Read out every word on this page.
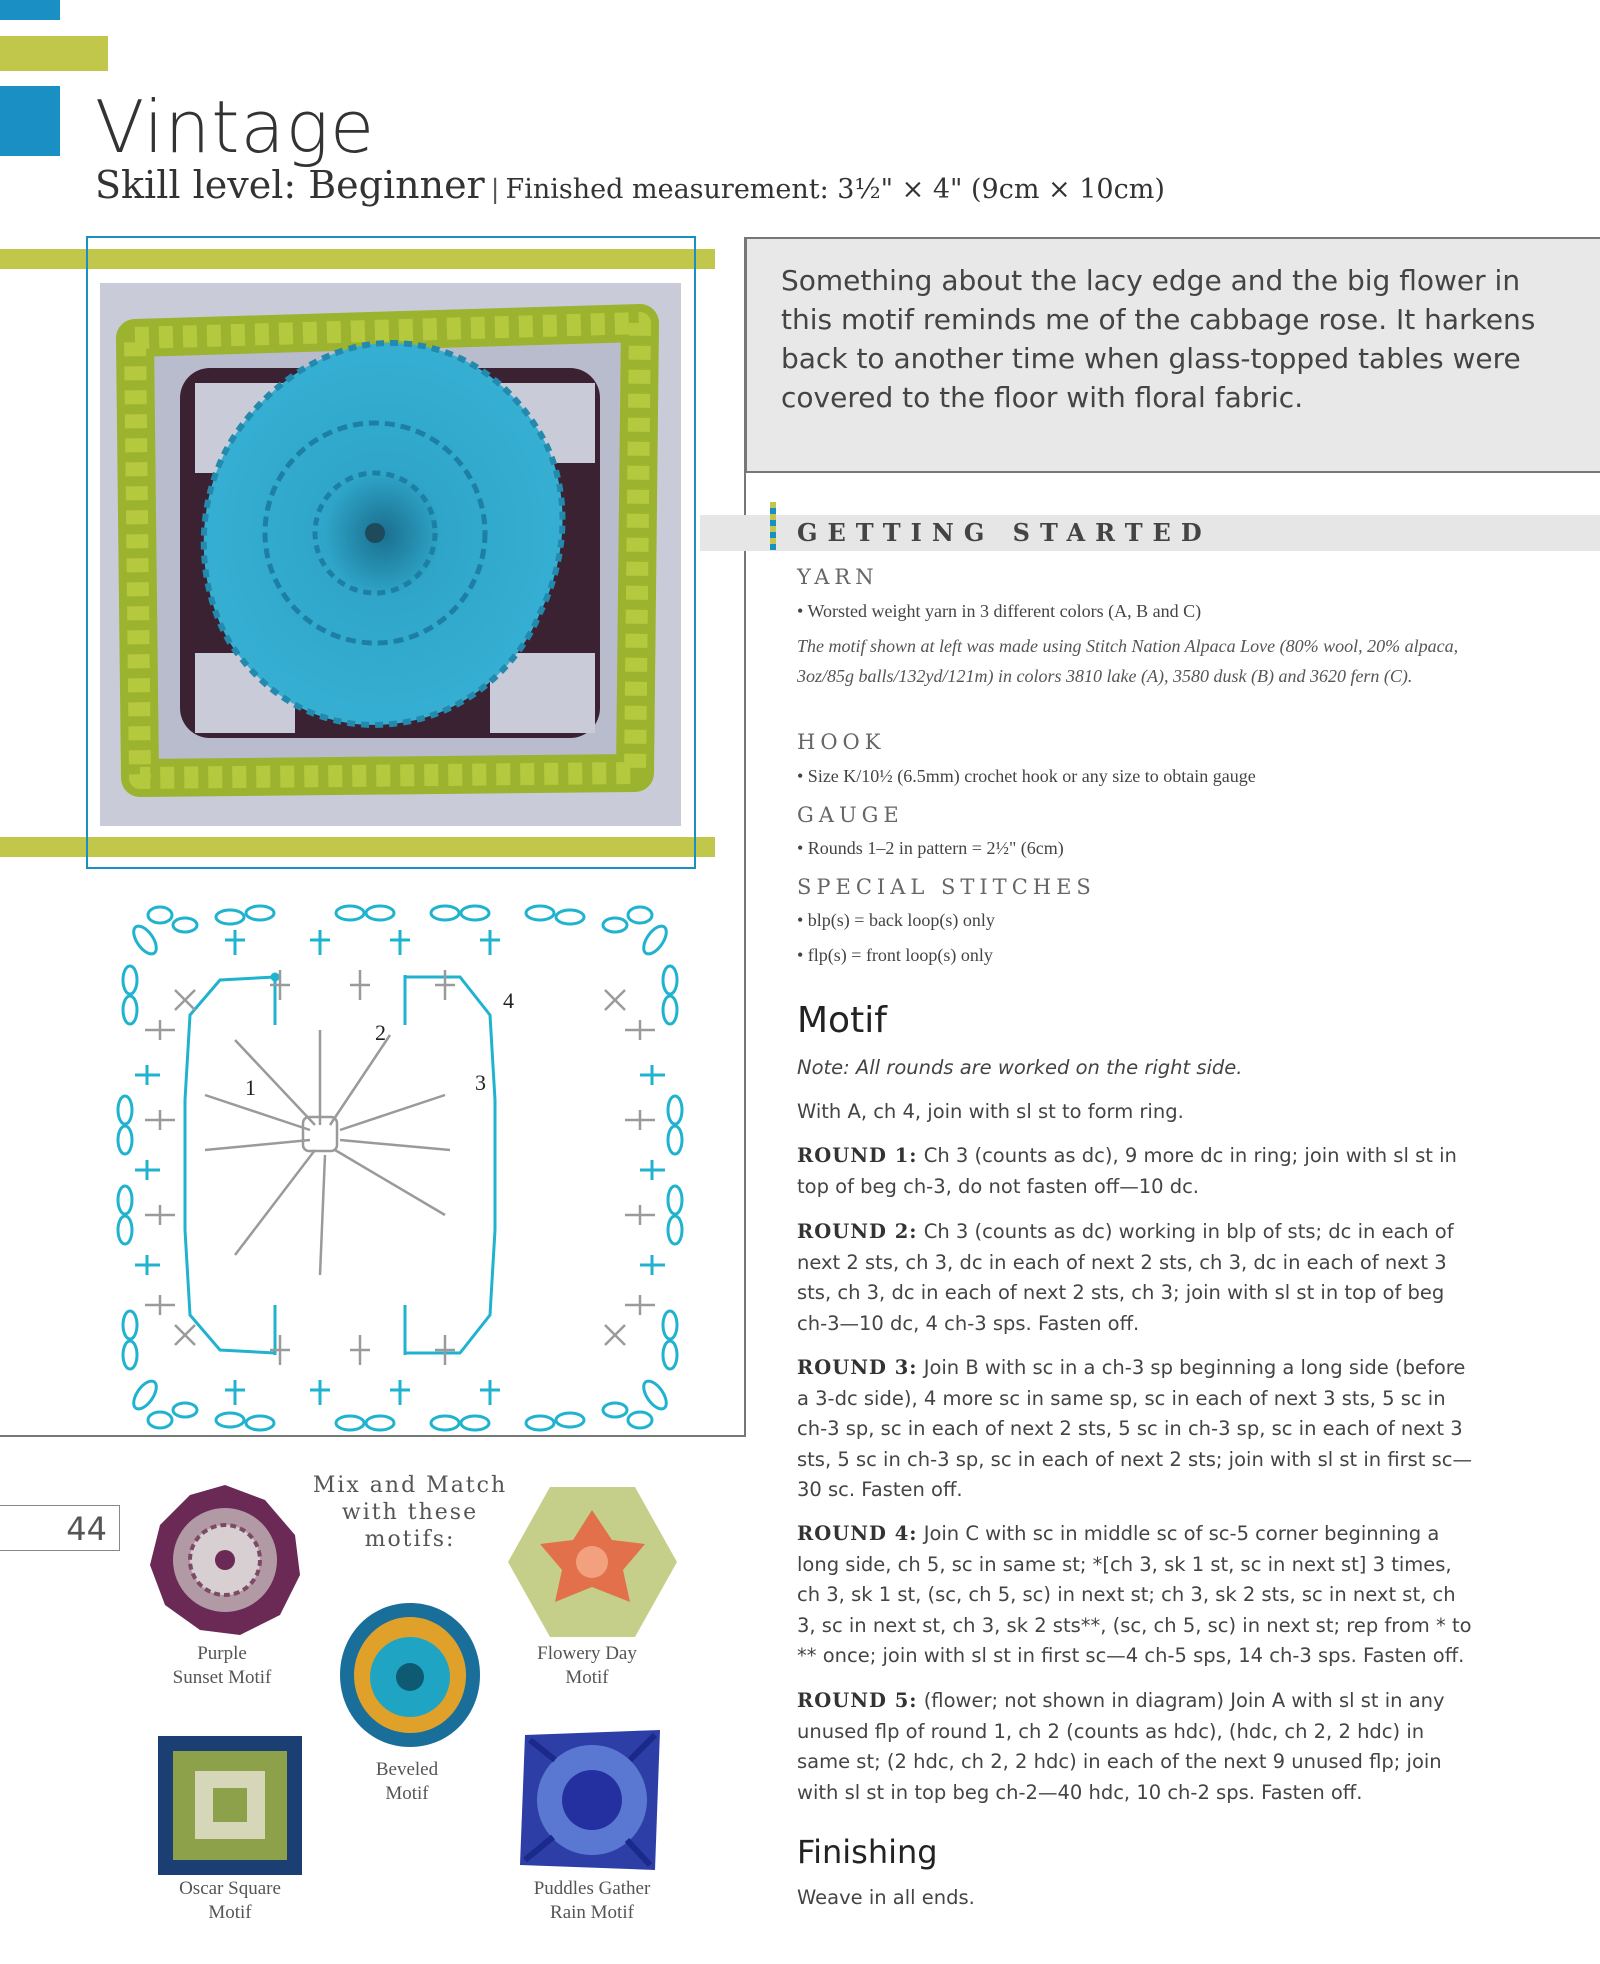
Vintage
Skill level: Beginner | Finished measurement: 3½" × 4" (9cm × 10cm)

Something about the lacy edge and the big flower in this motif reminds me of the cabbage rose. It harkens back to another time when glass-topped tables were covered to the floor with floral fabric.

1
2
3
4
GETTING STARTED

YARN

• Worsted weight yarn in 3 different colors (A, B and C)

The motif shown at left was made using Stitch Nation Alpaca Love (80% wool, 20% alpaca, 3oz/85g balls/132yd/121m) in colors 3810 lake (A), 3580 dusk (B) and 3620 fern (C).

HOOK

• Size K/10½ (6.5mm) crochet hook or any size to obtain gauge

GAUGE

• Rounds 1–2 in pattern = 2½" (6cm)

SPECIAL STITCHES

• blp(s) = back loop(s) only

• flp(s) = front loop(s) only

Motif

Note: All rounds are worked on the right side.

With A, ch 4, join with sl st to form ring.

ROUND 1: Ch 3 (counts as dc), 9 more dc in ring; join with sl st in top of beg ch-3, do not fasten off—10 dc.

ROUND 2: Ch 3 (counts as dc) working in blp of sts; dc in each of next 2 sts, ch 3, dc in each of next 2 sts, ch 3, dc in each of next 3 sts, ch 3, dc in each of next 2 sts, ch 3; join with sl st in top of beg ch-3—10 dc, 4 ch-3 sps. Fasten off.

ROUND 3: Join B with sc in a ch-3 sp beginning a long side (before a 3-dc side), 4 more sc in same sp, sc in each of next 3 sts, 5 sc in ch-3 sp, sc in each of next 2 sts, 5 sc in ch-3 sp, sc in each of next 3 sts, 5 sc in ch-3 sp, sc in each of next 2 sts; join with sl st in first sc—30 sc. Fasten off.

ROUND 4: Join C with sc in middle sc of sc-5 corner beginning a long side, ch 5, sc in same st; *[ch 3, sk 1 st, sc in next st] 3 times, ch 3, sk 1 st, (sc, ch 5, sc) in next st; ch 3, sk 2 sts, sc in next st, ch 3, sc in next st, ch 3, sk 2 sts**, (sc, ch 5, sc) in next st; rep from * to ** once; join with sl st in first sc—4 ch-5 sps, 14 ch-3 sps. Fasten off.

ROUND 5: (flower; not shown in diagram) Join A with sl st in any unused flp of round 1, ch 2 (counts as hdc), (hdc, ch 2, 2 hdc) in same st; (2 hdc, ch 2, 2 hdc) in each of the next 9 unused flp; join with sl st in top beg ch-2—40 hdc, 10 ch-2 sps. Fasten off.

Finishing

Weave in all ends.

44

Mix and Match
with these
motifs:

Purple
Sunset Motif

Beveled
Motif

Flowery Day
Motif

Oscar Square
Motif

Puddles Gather
Rain Motif
